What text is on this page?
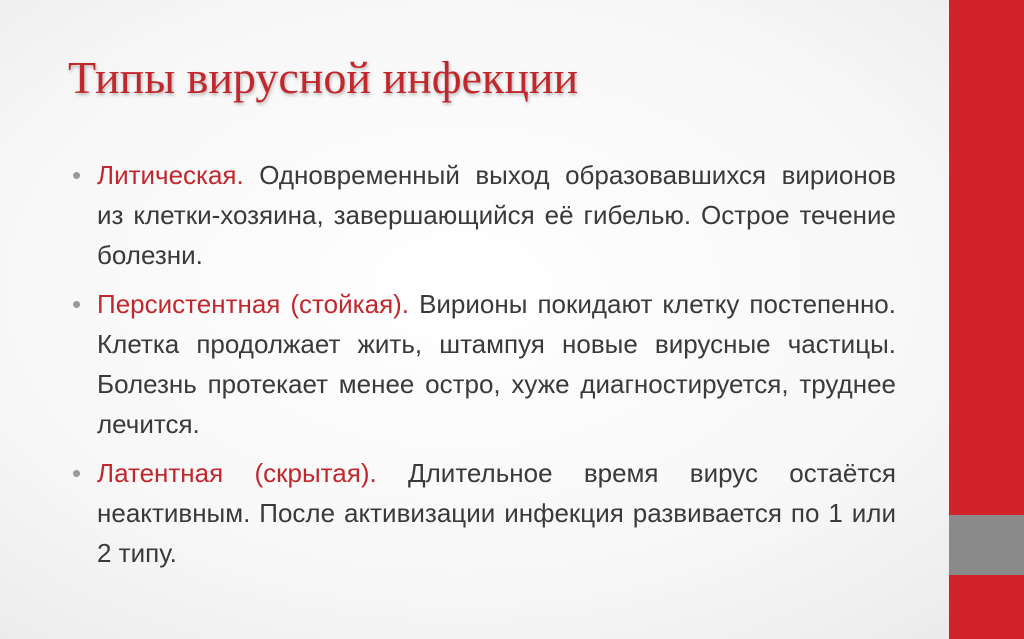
Типы вирусной инфекции
• Литическая. Одновременный выход образовавшихся вирионов из клетки-хозяина, завершающийся её гибелью. Острое течение болезни.
• Персистентная (стойкая). Вирионы покидают клетку постепенно. Клетка продолжает жить, штампуя новые вирусные частицы. Болезнь протекает менее остро, хуже диагностируется, труднее лечится.
• Латентная (скрытая). Длительное время вирус остаётся неактивным. После активизации инфекция развивается по 1 или 2 типу.
